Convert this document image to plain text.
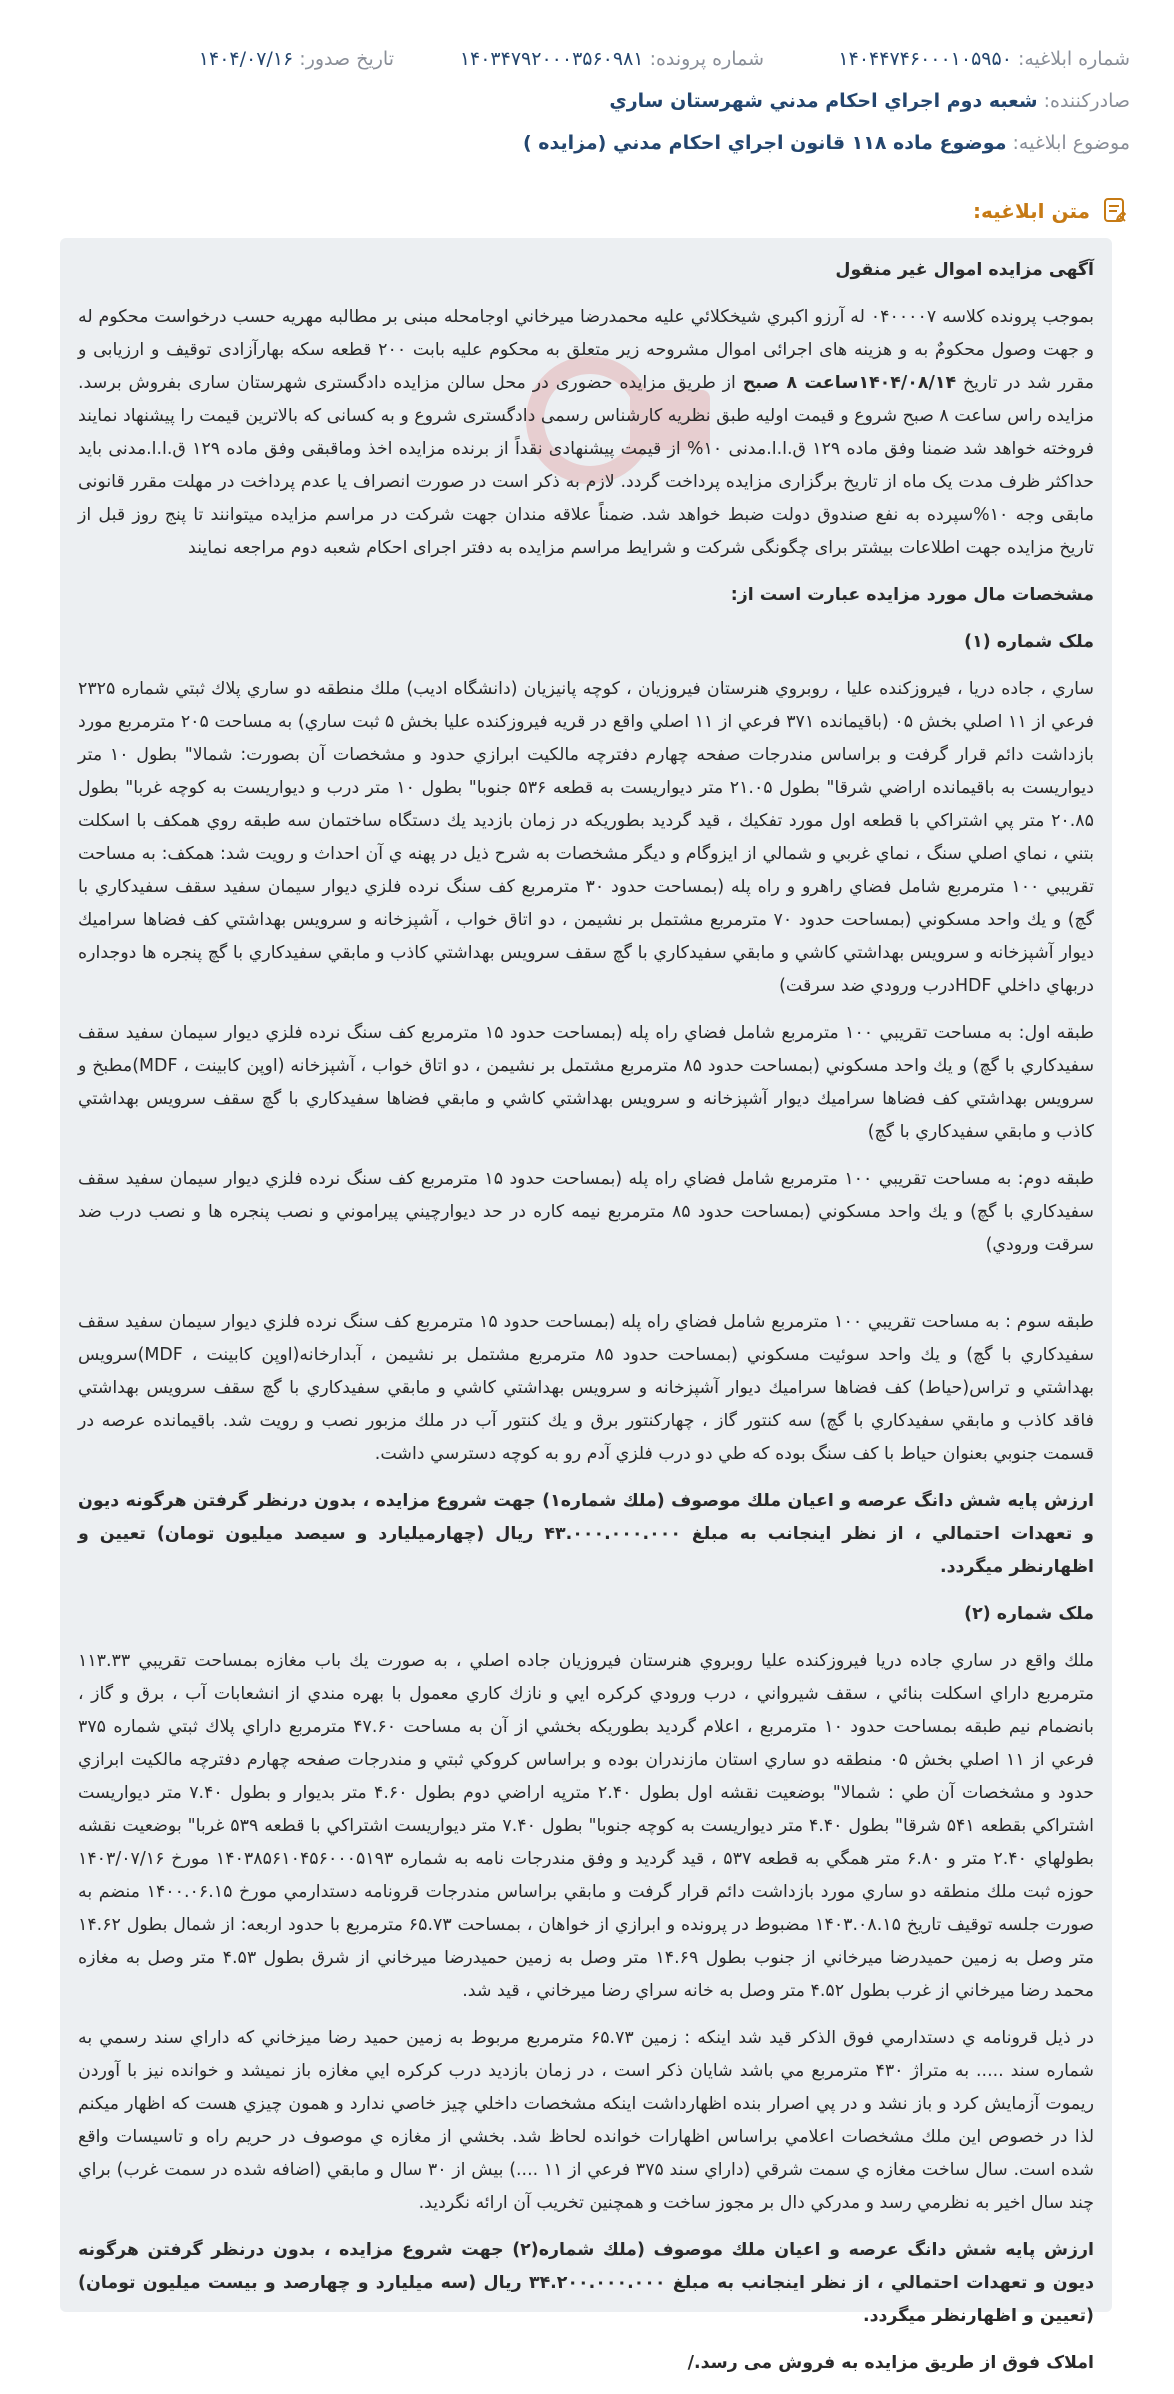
شماره ابلاغيه: ۱۴۰۴۴۷۴۶۰۰۰۱۰۵۹۵۰
شماره پرونده: ۱۴۰۳۴۷۹۲۰۰۰۳۵۶۰۹۸۱
تاريخ صدور: ۱۴۰۴/۰۷/۱۶
صادرکننده: شعبه دوم اجراي احكام مدني شهرستان ساري
موضوع ابلاغيه: موضوع ماده ۱۱۸ قانون اجراي احکام مدني (مزايده )
متن ابلاغيه:

آگهی مزایده اموال غیر منقول

بموجب پرونده کلاسه ۰۴۰۰۰۰۷ له آرزو اكبري شيخكلائي عليه محمدرضا ميرخاني اوجامحله مبنی بر مطالبه مهریه حسب درخواست محکوم له و جهت وصول محکومٌ به و هزینه های اجرائی اموال مشروحه زیر متعلق به محکوم علیه بابت ۲۰۰ قطعه سکه بهارآزادی توقیف و ارزیابی و مقرر شد در تاریخ ۱۴۰۴/۰۸/۱۴ساعت ۸ صبح از طریق مزایده حضوری در محل سالن مزایده دادگستری شهرستان ساری بفروش برسد. مزایده راس ساعت ۸ صبح شروع و قیمت اولیه طبق نظریه کارشناس رسمی دادگستری شروع و به کسانی که بالاترین قیمت را پیشنهاد نمایند فروخته خواهد شد ضمنا وفق ماده ۱۲۹ ق.ا.ا.مدنی ۱۰% از قیمت پیشنهادی نقداً از برنده مزایده اخذ وماقبقی وفق ماده ۱۲۹ ق.ا.ا.مدنی باید حداکثر ظرف مدت یک ماه از تاریخ برگزاری مزایده پرداخت گردد. لازم به ذکر است در صورت انصراف یا عدم پرداخت در مهلت مقرر قانونی مابقی وجه ۱۰%سپرده به نفع صندوق دولت ضبط خواهد شد. ضمناً علاقه مندان جهت شرکت در مراسم مزایده میتوانند تا پنج روز قبل از تاریخ مزایده جهت اطلاعات بیشتر برای چگونگی شرکت و شرایط مراسم مزایده به دفتر اجرای احکام شعبه دوم مراجعه نمایند

مشخصات مال مورد مزايده عبارت است از:

ملک شماره (۱)

ساري ، جاده دريا ، فيروزكنده عليا ، روبروي هنرستان فيروزيان ، كوچه پانيزيان (دانشگاه اديب) ملك منطقه دو ساري پلاك ثبتي شماره ۲۳۲۵ فرعي از ۱۱ اصلي بخش ۰۵ (باقيمانده ۳۷۱ فرعي از ۱۱ اصلي واقع در قريه فيروزكنده عليا بخش ۵ ثبت ساري) به مساحت ۲۰۵ مترمربع مورد بازداشت دائم قرار گرفت و براساس مندرجات صفحه چهارم دفترچه مالكيت ابرازي حدود و مشخصات آن بصورت: شمالا" بطول ۱۰ متر ديواريست به باقيمانده اراضي شرقا" بطول ۲۱.۰۵ متر ديواريست به قطعه ۵۳۶ جنوبا" بطول ۱۰ متر درب و ديواريست به كوچه غربا" بطول ۲۰.۸۵ متر پي اشتراكي با قطعه اول مورد تفكيك ، قيد گرديد بطوريكه در زمان بازديد يك دستگاه ساختمان سه طبقه روي همكف با اسكلت بتني ، نماي اصلي سنگ ، نماي غربي و شمالي از ايزوگام و ديگر مشخصات به شرح ذيل در پهنه ي آن احداث و رويت شد: همكف: به مساحت تقريبي ۱۰۰ مترمربع شامل فضاي راهرو و راه پله (بمساحت حدود ۳۰ مترمربع كف سنگ نرده فلزي ديوار سيمان سفيد سقف سفيدكاري با گچ) و يك واحد مسكوني (بمساحت حدود ۷۰ مترمربع مشتمل بر نشيمن ، دو اتاق خواب ، آشپزخانه و سرويس بهداشتي كف فضاها سراميك ديوار آشپزخانه و سرويس بهداشتي كاشي و مابقي سفيدكاري با گچ سقف سرويس بهداشتي كاذب و مابقي سفيدكاري با گچ پنجره ها دوجداره دربهاي داخلي HDFدرب ورودي ضد سرقت)

طبقه اول: به مساحت تقريبي ۱۰۰ مترمربع شامل فضاي راه پله (بمساحت حدود ۱۵ مترمربع كف سنگ نرده فلزي ديوار سيمان سفيد سقف سفيدكاري با گچ) و يك واحد مسكوني (بمساحت حدود ۸۵ مترمربع مشتمل بر نشيمن ، دو اتاق خواب ، آشپزخانه (اوپن كابينت ، MDF)مطبخ و سرويس بهداشتي كف فضاها سراميك ديوار آشپزخانه و سرويس بهداشتي كاشي و مابقي فضاها سفيدكاري با گچ سقف سرويس بهداشتي كاذب و مابقي سفيدكاري با گچ)

طبقه دوم: به مساحت تقريبي ۱۰۰ مترمربع شامل فضاي راه پله (بمساحت حدود ۱۵ مترمربع كف سنگ نرده فلزي ديوار سيمان سفيد سقف سفيدكاري با گچ) و يك واحد مسكوني (بمساحت حدود ۸۵ مترمربع نيمه كاره در حد ديوارچيني پيراموني و نصب پنجره ها و نصب درب ضد سرقت ورودي)

طبقه سوم : به مساحت تقريبي ۱۰۰ مترمربع شامل فضاي راه پله (بمساحت حدود ۱۵ مترمربع كف سنگ نرده فلزي ديوار سيمان سفيد سقف سفيدكاري با گچ) و يك واحد سوئيت مسكوني (بمساحت حدود ۸۵ مترمربع مشتمل بر نشيمن ، آبدارخانه(اوپن كابينت ، MDF)سرويس بهداشتي و تراس(حياط) كف فضاها سراميك ديوار آشپزخانه و سرويس بهداشتي كاشي و مابقي سفيدكاري با گچ سقف سرويس بهداشتي فاقد كاذب و مابقي سفيدكاري با گچ) سه كنتور گاز ، چهاركنتور برق و يك كنتور آب در ملك مزبور نصب و رويت شد. باقيمانده عرصه در قسمت جنوبي بعنوان حياط با كف سنگ بوده كه طي دو درب فلزي آدم رو به كوچه دسترسي داشت.

ارزش پايه شش دانگ عرصه و اعيان ملك موصوف (ملك شماره۱) جهت شروع مزايده ، بدون درنظر گرفتن هرگونه ديون و تعهدات احتمالي ، از نظر اينجانب به مبلغ ۴۳.۰۰۰.۰۰۰.۰۰۰ ريال (چهارميليارد و سيصد ميليون تومان) تعيين و اظهارنظر ميگردد.

ملک شماره (۲)

ملك واقع در ساري جاده دريا فيروزكنده عليا روبروي هنرستان فيروزيان جاده اصلي ، به صورت يك باب مغازه بمساحت تقريبي ۱۱۳.۳۳ مترمربع داراي اسكلت بنائي ، سقف شيرواني ، درب ورودي كركره ايي و نازك كاري معمول با بهره مندي از انشعابات آب ، برق و گاز ، بانضمام نيم طبقه بمساحت حدود ۱۰ مترمربع ، اعلام گرديد بطوريكه بخشي از آن به مساحت ۴۷.۶۰ مترمربع داراي پلاك ثبتي شماره ۳۷۵ فرعي از ۱۱ اصلي بخش ۰۵ منطقه دو ساري استان مازندران بوده و براساس كروكي ثبتي و مندرجات صفحه چهارم دفترچه مالكيت ابرازي حدود و مشخصات آن طي : شمالا" بوضعيت نقشه اول بطول ۲.۴۰ مترپه اراضي دوم بطول ۴.۶۰ متر بديوار و بطول ۷.۴۰ متر ديواريست اشتراكي بقطعه ۵۴۱ شرقا" بطول ۴.۴۰ متر ديواريست به كوچه جنوبا" بطول ۷.۴۰ متر ديواريست اشتراكي با قطعه ۵۳۹ غربا" بوضعيت نقشه بطولهاي ۲.۴۰ متر و ۶.۸۰ متر همگي به قطعه ۵۳۷ ، قيد گرديد و وفق مندرجات نامه به شماره ۱۴۰۳۸۵۶۱۰۴۵۶۰۰۰۵۱۹۳ مورخ ۱۴۰۳/۰۷/۱۶ حوزه ثبت ملك منطقه دو ساري مورد بازداشت دائم قرار گرفت و مابقي براساس مندرجات قرونامه دستدارمي مورخ ۱۴۰۰.۰۶.۱۵ منضم به صورت جلسه توقيف تاريخ ۱۴۰۳.۰۸.۱۵ مضبوط در پرونده و ابرازي از خواهان ، بمساحت ۶۵.۷۳ مترمربع با حدود اربعه: از شمال بطول ۱۴.۶۲ متر وصل به زمين حميدرضا ميرخاني از جنوب بطول ۱۴.۶۹ متر وصل به زمين حميدرضا ميرخاني از شرق بطول ۴.۵۳ متر وصل به مغازه محمد رضا ميرخاني از غرب بطول ۴.۵۲ متر وصل به خانه سراي رضا ميرخاني ، قيد شد.

در ذيل قرونامه ي دستدارمي فوق الذكر قيد شد اينكه : زمين ۶۵.۷۳ مترمربع مربوط به زمين حميد رضا ميزخاني كه داراي سند رسمي به شماره سند ..... به متراژ ۴۳۰ مترمربع مي باشد شايان ذكر است ، در زمان بازديد درب كركره ايي مغازه باز نميشد و خوانده نيز با آوردن ريموت آزمايش كرد و باز نشد و در پي اصرار بنده اظهارداشت اينكه مشخصات داخلي چيز خاصي ندارد و همون چيزي هست كه اظهار ميكنم لذا در خصوص اين ملك مشخصات اعلامي براساس اظهارات خوانده لحاظ شد. بخشي از مغازه ي موصوف در حريم راه و تاسيسات واقع شده است. سال ساخت مغازه ي سمت شرقي (داراي سند ۳۷۵ فرعي از ۱۱ ....) بيش از ۳۰ سال و مابقي (اضافه شده در سمت غرب) براي چند سال اخير به نظرمي رسد و مدركي دال بر مجوز ساخت و همچنين تخريب آن ارائه نگرديد.

ارزش پايه شش دانگ عرصه و اعيان ملك موصوف (ملك شماره(۲) جهت شروع مزايده ، بدون درنظر گرفتن هرگونه ديون و تعهدات احتمالي ، از نظر اينجانب به مبلغ ۳۴.۲۰۰.۰۰۰.۰۰۰ ريال (سه ميليارد و چهارصد و بيست ميليون تومان) (تعيين و اظهارنظر ميگردد.

املاک فوق از طریق مزایده به فروش می رسد./
